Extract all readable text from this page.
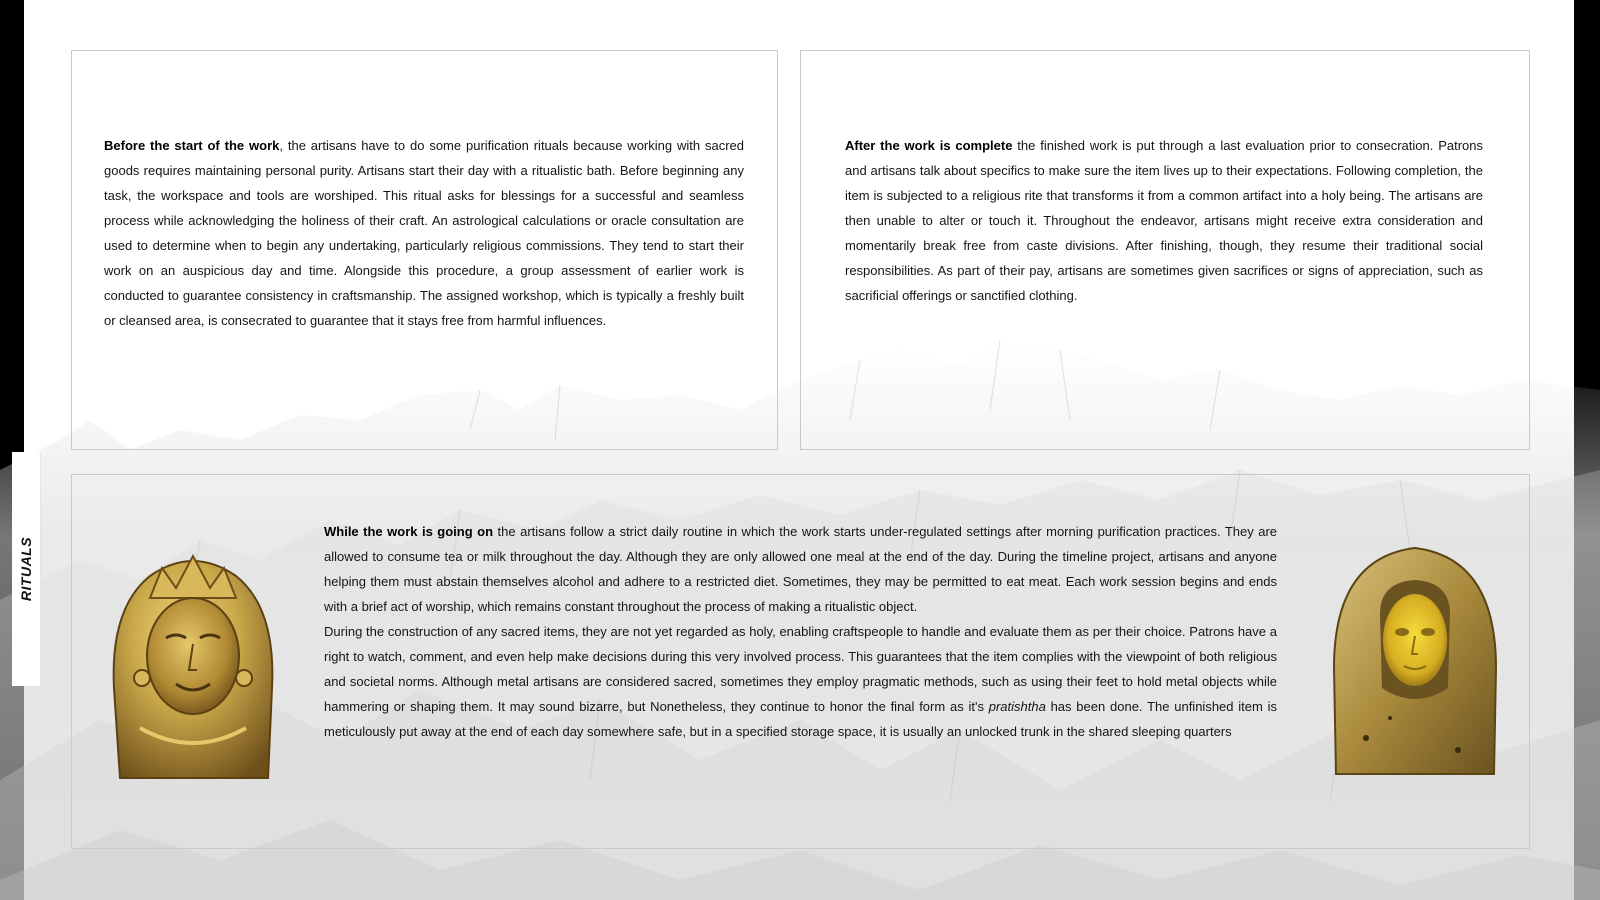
RITUALS
Before the start of the work, the artisans have to do some purification rituals because working with sacred goods requires maintaining personal purity. Artisans start their day with a ritualistic bath. Before beginning any task, the workspace and tools are worshiped. This ritual asks for blessings for a successful and seamless process while acknowledging the holiness of their craft. An astrological calculations or oracle consultation are used to determine when to begin any undertaking, particularly religious commissions. They tend to start their work on an auspicious day and time. Alongside this procedure, a group assessment of earlier work is conducted to guarantee consistency in craftsmanship. The assigned workshop, which is typically a freshly built or cleansed area, is consecrated to guarantee that it stays free from harmful influences.
After the work is complete the finished work is put through a last evaluation prior to consecration. Patrons and artisans talk about specifics to make sure the item lives up to their expectations. Following completion, the item is subjected to a religious rite that transforms it from a common artifact into a holy being. The artisans are then unable to alter or touch it. Throughout the endeavor, artisans might receive extra consideration and momentarily break free from caste divisions. After finishing, though, they resume their traditional social responsibilities. As part of their pay, artisans are sometimes given sacrifices or signs of appreciation, such as sacrificial offerings or sanctified clothing.

While the work is going on the artisans follow a strict daily routine in which the work starts under-regulated settings after morning purification practices. They are allowed to consume tea or milk throughout the day. Although they are only allowed one meal at the end of the day. During the timeline project, artisans and anyone helping them must abstain themselves alcohol and adhere to a restricted diet. Sometimes, they may be permitted to eat meat. Each work session begins and ends with a brief act of worship, which remains constant throughout the process of making a ritualistic object.

During the construction of any sacred items, they are not yet regarded as holy, enabling craftspeople to handle and evaluate them as per their choice. Patrons have a right to watch, comment, and even help make decisions during this very involved process. This guarantees that the item complies with the viewpoint of both religious and societal norms. Although metal artisans are considered sacred, sometimes they employ pragmatic methods, such as using their feet to hold metal objects while hammering or shaping them. It may sound bizarre, but Nonetheless, they continue to honor the final form as it's pratishtha has been done. The unfinished item is meticulously put away at the end of each day somewhere safe, but in a specified storage space, it is usually an unlocked trunk in the shared sleeping quarters
